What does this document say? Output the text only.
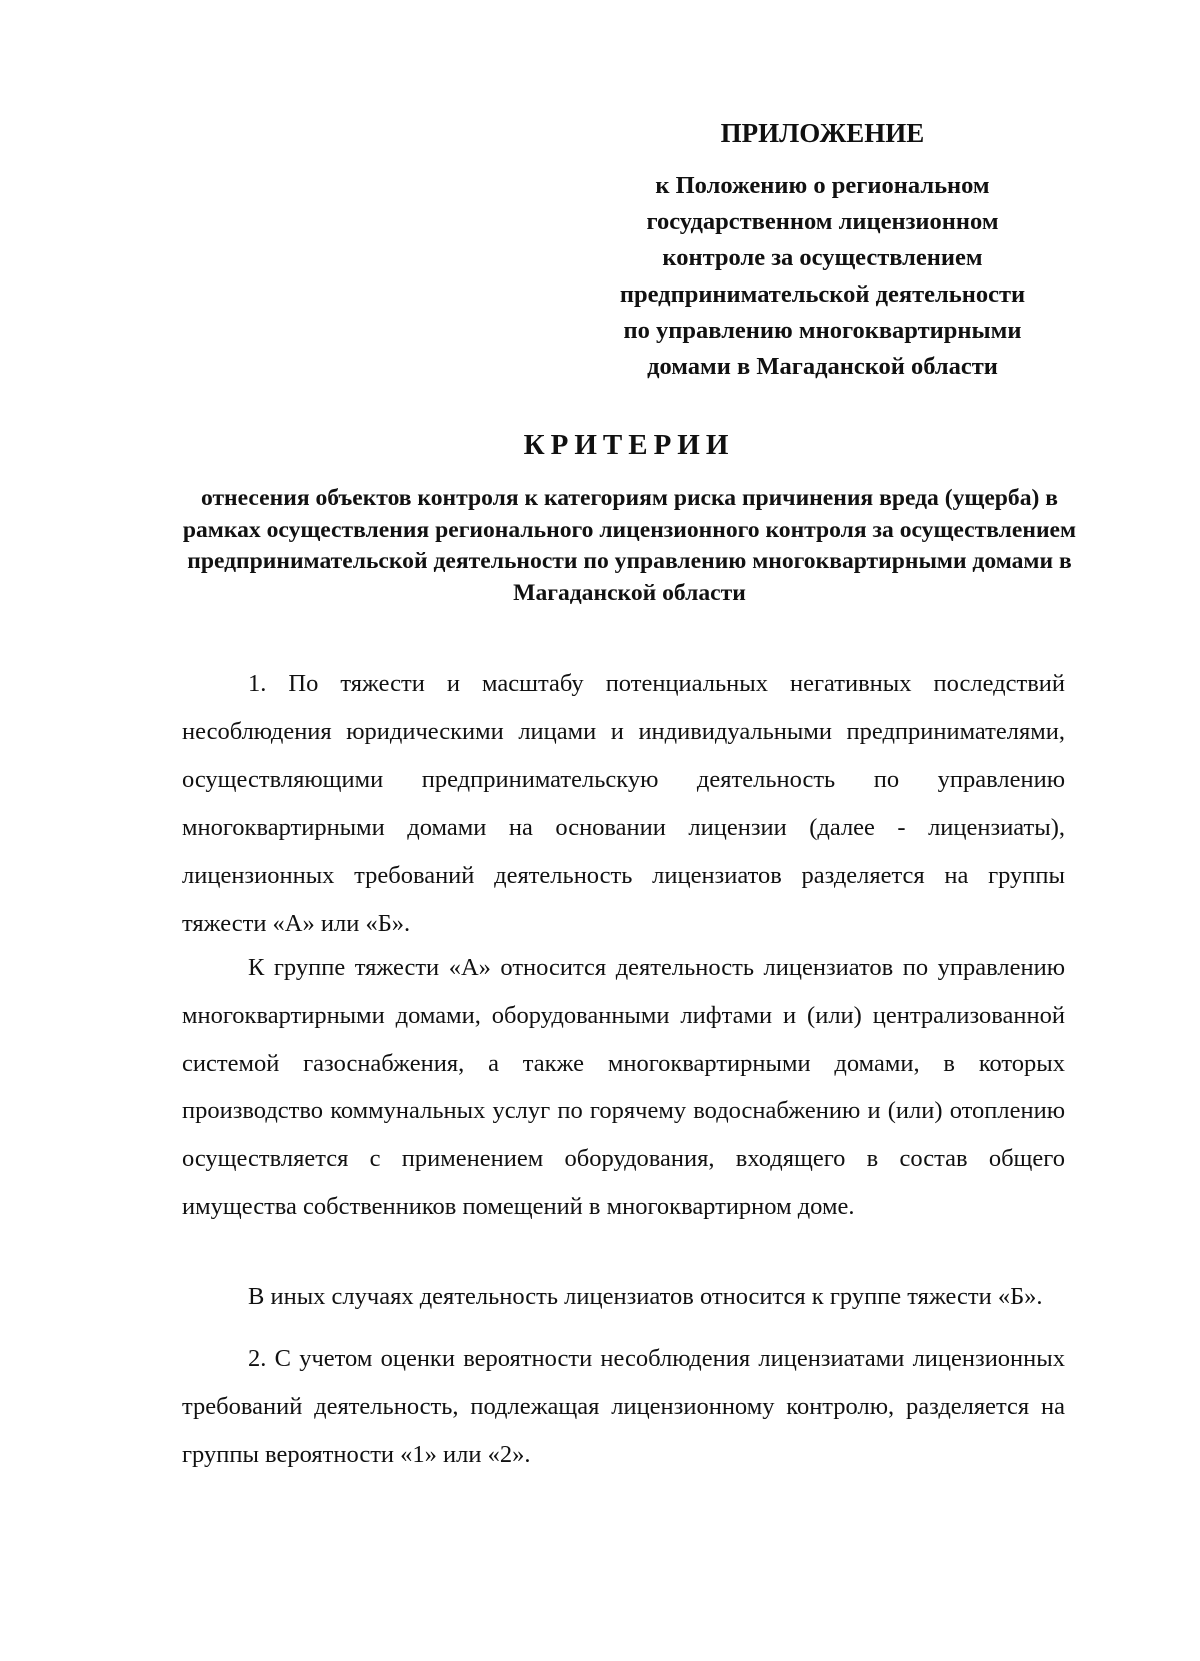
ПРИЛОЖЕНИЕ
к Положению о региональном государственном лицензионном контроле за осуществлением предпринимательской деятельности по управлению многоквартирными домами в Магаданской области
КРИТЕРИИ
отнесения объектов контроля к категориям риска причинения вреда (ущерба) в рамках осуществления регионального лицензионного контроля за осуществлением предпринимательской деятельности по управлению многоквартирными домами в Магаданской области
1. По тяжести и масштабу потенциальных негативных последствий несоблюдения юридическими лицами и индивидуальными предпринимателями, осуществляющими предпринимательскую деятельность по управлению многоквартирными домами на основании лицензии (далее - лицензиаты), лицензионных требований деятельность лицензиатов разделяется на группы тяжести «А» или «Б».
К группе тяжести «А» относится деятельность лицензиатов по управлению многоквартирными домами, оборудованными лифтами и (или) централизованной системой газоснабжения, а также многоквартирными домами, в которых производство коммунальных услуг по горячему водоснабжению и (или) отоплению осуществляется с применением оборудования, входящего в состав общего имущества собственников помещений в многоквартирном доме.
В иных случаях деятельность лицензиатов относится к группе тяжести «Б».
2. С учетом оценки вероятности несоблюдения лицензиатами лицензионных требований деятельность, подлежащая лицензионному контролю, разделяется на группы вероятности «1» или «2».
